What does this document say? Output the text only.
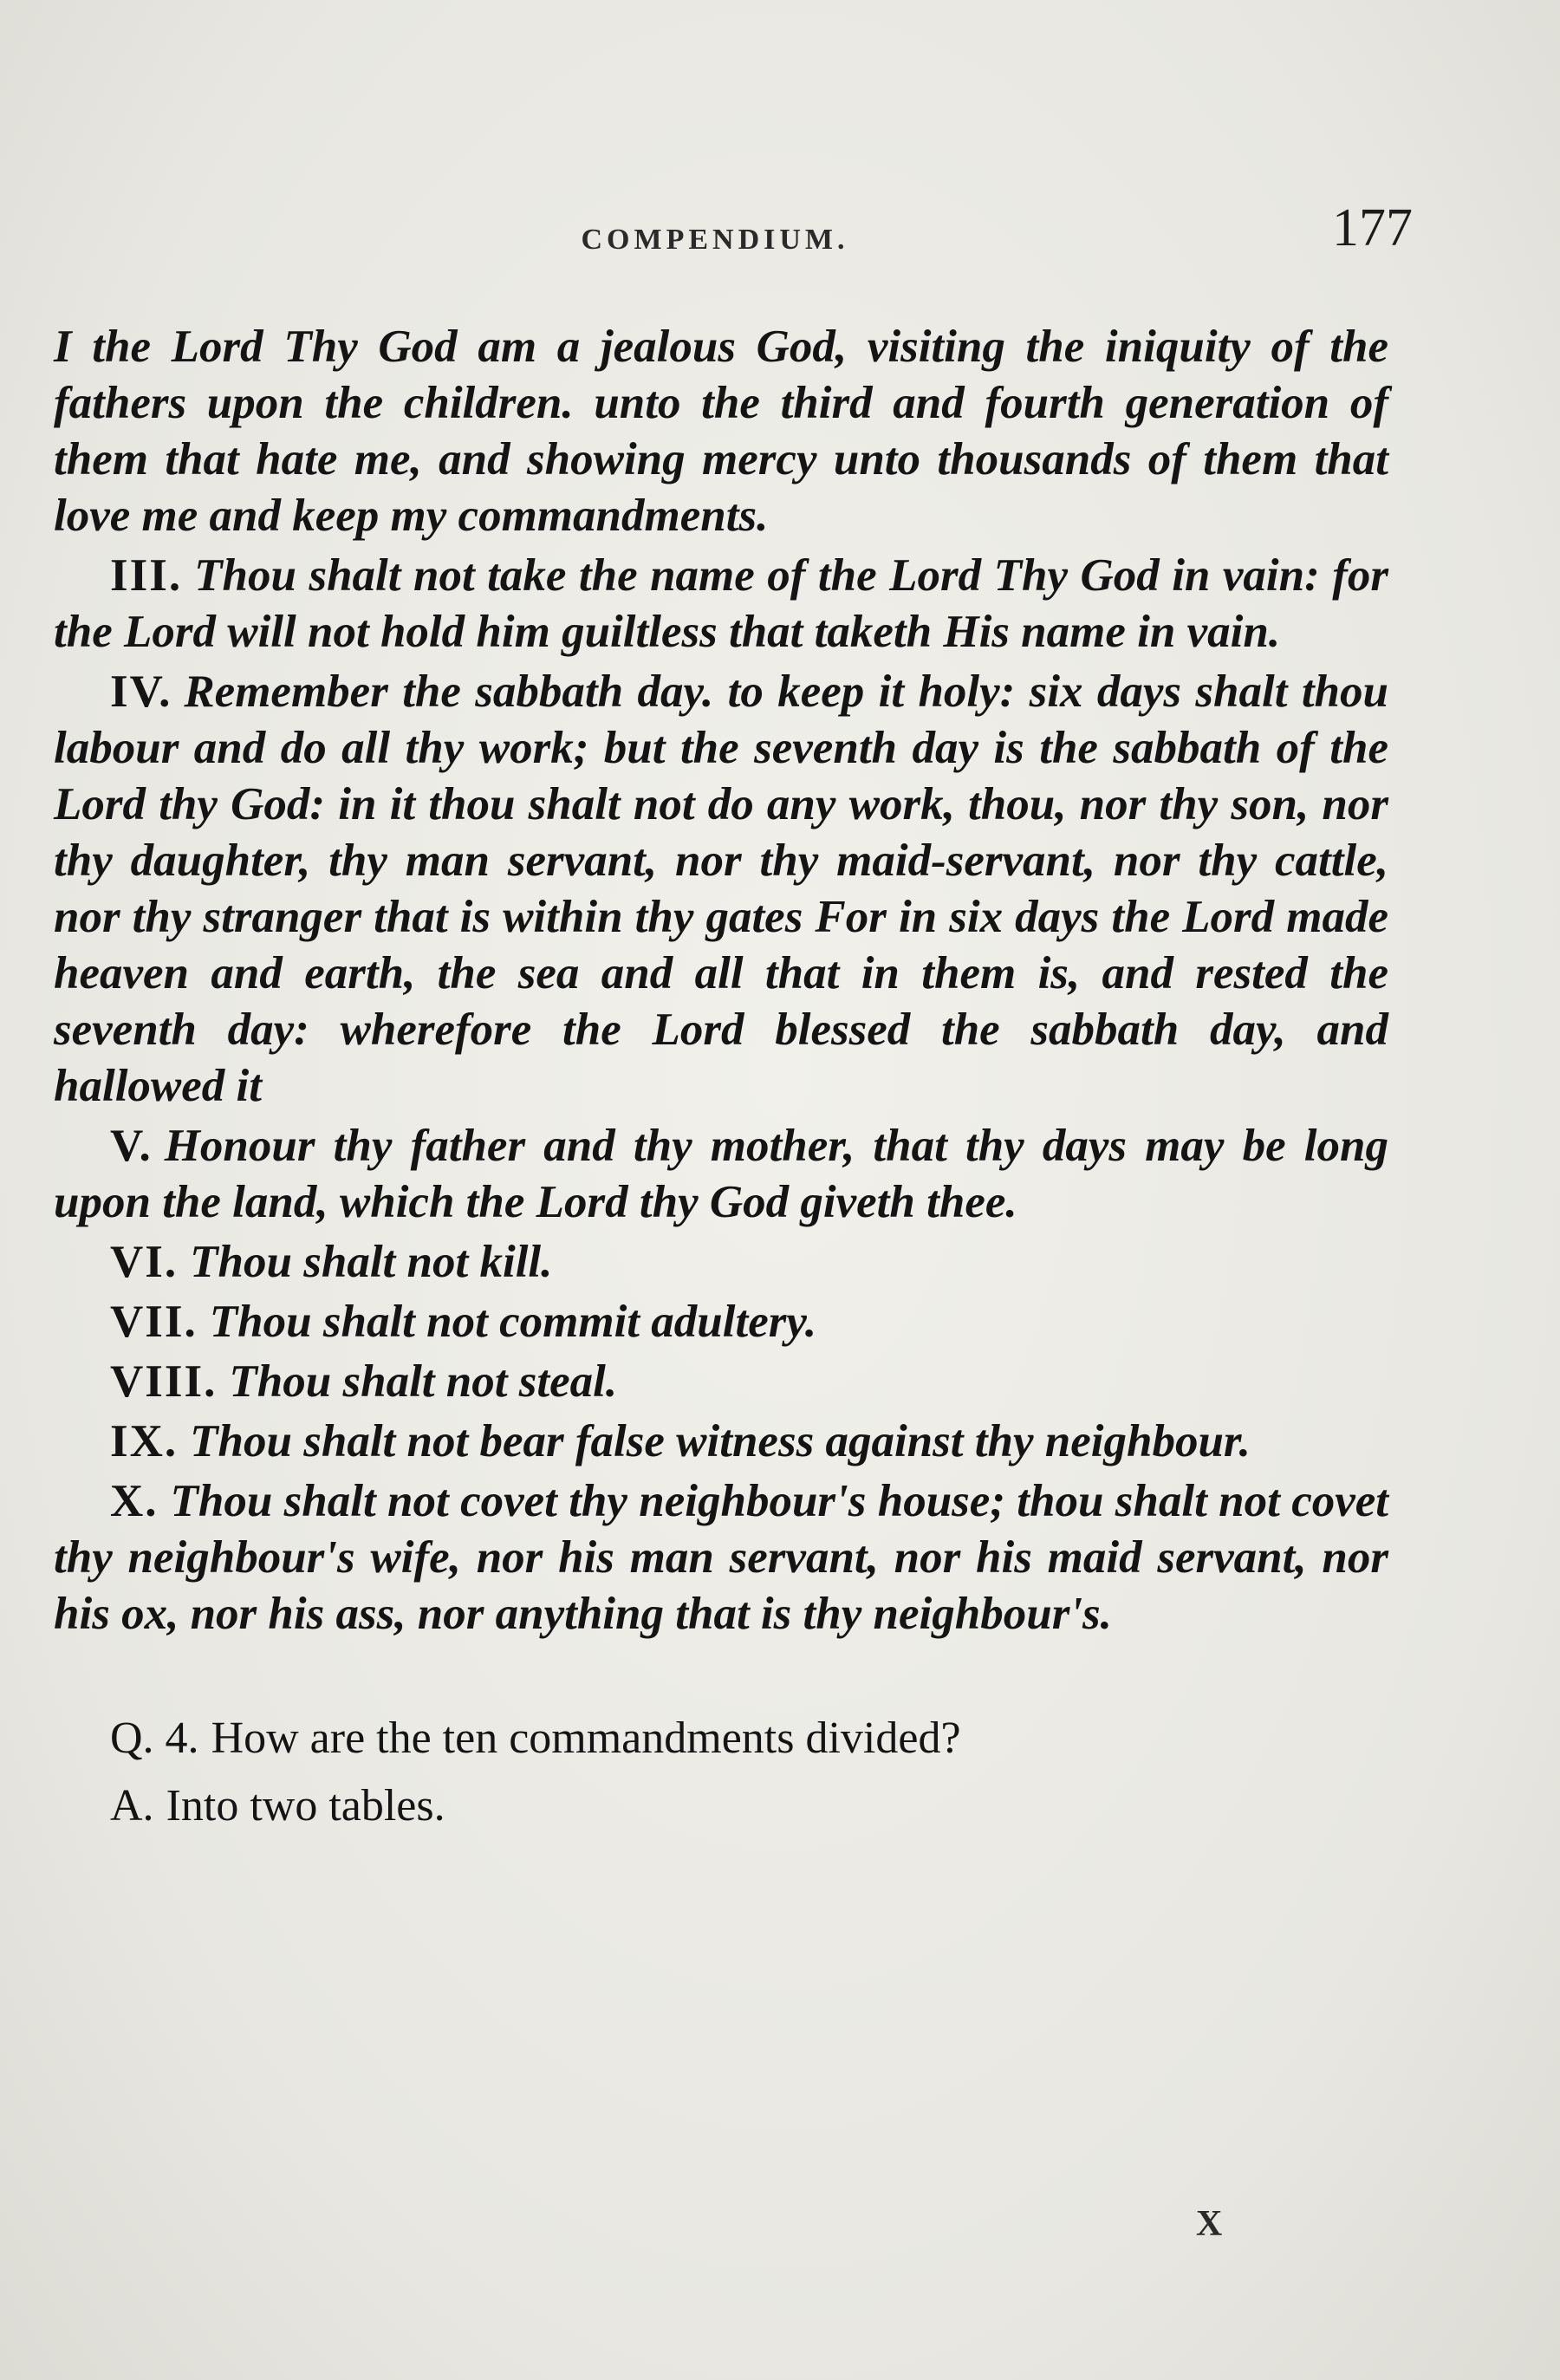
COMPENDIUM.	177

I the Lord Thy God am a jealous God, visiting the iniquity of the fathers upon the children. unto the third and fourth generation of them that hate me, and showing mercy unto thousands of them that love me and keep my commandments.

III. Thou shalt not take the name of the Lord Thy God in vain: for the Lord will not hold him guiltless that taketh His name in vain.

IV. Remember the sabbath day. to keep it holy: six days shalt thou labour and do all thy work; but the seventh day is the sabbath of the Lord thy God: in it thou shalt not do any work, thou, nor thy son, nor thy daughter, thy man servant, nor thy maid-servant, nor thy cattle, nor thy stranger that is within thy gates For in six days the Lord made heaven and earth, the sea and all that in them is, and rested the seventh day: wherefore the Lord blessed the sabbath day, and hallowed it

V. Honour thy father and thy mother, that thy days may be long upon the land, which the Lord thy God giveth thee.

VI. Thou shalt not kill.

VII. Thou shalt not commit adultery.

VIII. Thou shalt not steal.

IX. Thou shalt not bear false witness against thy neighbour.

X. Thou shalt not covet thy neighbour's house; thou shalt not covet thy neighbour's wife, nor his man servant, nor his maid servant, nor his ox, nor his ass, nor anything that is thy neighbour's.

Q. 4. How are the ten commandments divided?

A. Into two tables.

X
